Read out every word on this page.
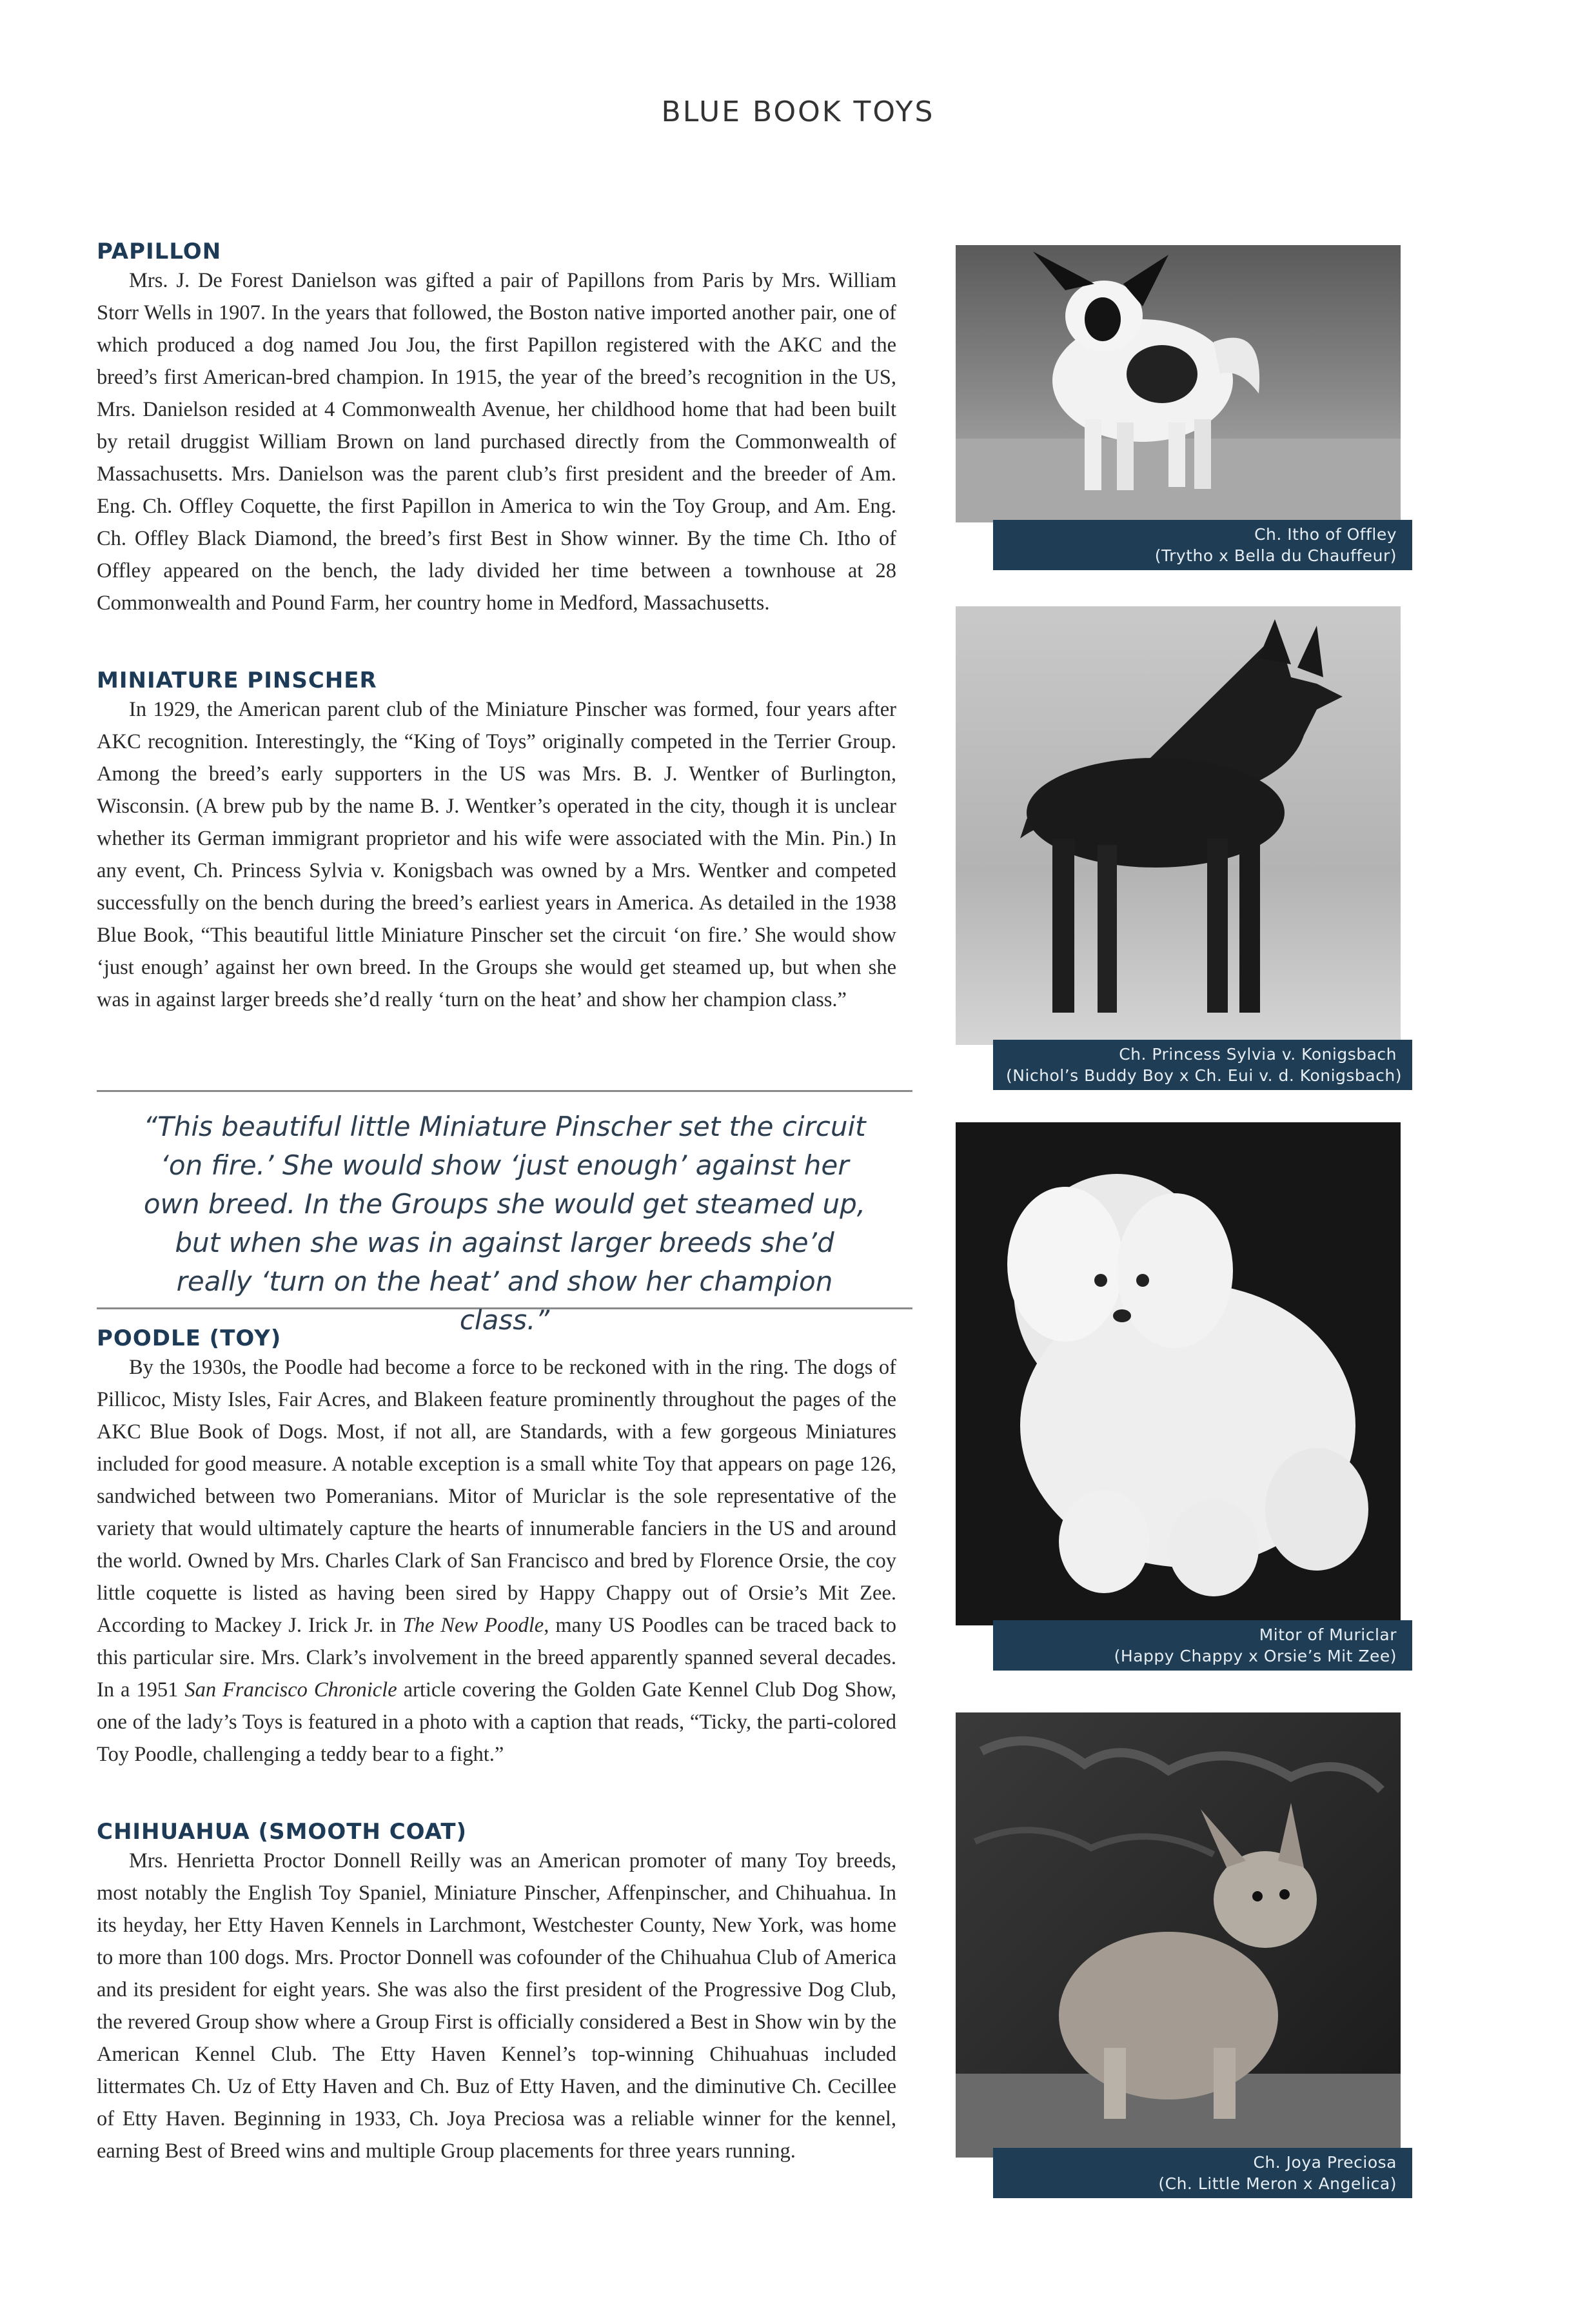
BLUE BOOK TOYS
PAPILLON

Mrs. J. De Forest Danielson was gifted a pair of Papillons from Paris by Mrs. William Storr Wells in 1907. In the years that followed, the Boston native imported another pair, one of which produced a dog named Jou Jou, the first Papillon registered with the AKC and the breed’s first American-bred champion. In 1915, the year of the breed’s recognition in the US, Mrs. Danielson resided at 4 Commonwealth Avenue, her childhood home that had been built by retail druggist William Brown on land purchased directly from the Commonwealth of Massachusetts. Mrs. Danielson was the parent club’s first president and the breeder of Am. Eng. Ch. Offley Coquette, the first Papillon in America to win the Toy Group, and Am. Eng. Ch. Offley Black Diamond, the breed’s first Best in Show winner. By the time Ch. Itho of Offley appeared on the bench, the lady divided her time between a townhouse at 28 Commonwealth and Pound Farm, her country home in Medford, Massachusetts.

MINIATURE PINSCHER

In 1929, the American parent club of the Miniature Pinscher was formed, four years after AKC recognition. Interestingly, the “King of Toys” originally competed in the Terrier Group. Among the breed’s early supporters in the US was Mrs. B. J. Wentker of Burlington, Wisconsin. (A brew pub by the name B. J. Wentker’s operated in the city, though it is unclear whether its German immigrant proprietor and his wife were associated with the Min. Pin.) In any event, Ch. Princess Sylvia v. Konigsbach was owned by a Mrs. Wentker and competed successfully on the bench during the breed’s earliest years in America. As detailed in the 1938 Blue Book, “This beautiful little Miniature Pinscher set the circuit ‘on fire.’ She would show ‘just enough’ against her own breed. In the Groups she would get steamed up, but when she was in against larger breeds she’d really ‘turn on the heat’ and show her champion class.”

“This beautiful little Miniature Pinscher set the circuit ‘on fire.’ She would show ‘just enough’ against her own breed. In the Groups she would get steamed up, but when she was in against larger breeds she’d really ‘turn on the heat’ and show her champion class.”

POODLE (TOY)

By the 1930s, the Poodle had become a force to be reckoned with in the ring. The dogs of Pillicoc, Misty Isles, Fair Acres, and Blakeen feature prominently throughout the pages of the AKC Blue Book of Dogs. Most, if not all, are Standards, with a few gorgeous Miniatures included for good measure. A notable exception is a small white Toy that appears on page 126, sandwiched between two Pomeranians. Mitor of Muriclar is the sole representative of the variety that would ultimately capture the hearts of innumerable fanciers in the US and around the world. Owned by Mrs. Charles Clark of San Francisco and bred by Florence Orsie, the coy little coquette is listed as having been sired by Happy Chappy out of Orsie’s Mit Zee. According to Mackey J. Irick Jr. in The New Poodle, many US Poodles can be traced back to this particular sire. Mrs. Clark’s involvement in the breed apparently spanned several decades. In a 1951 San Francisco Chronicle article covering the Golden Gate Kennel Club Dog Show, one of the lady’s Toys is featured in a photo with a caption that reads, “Ticky, the parti-colored Toy Poodle, challenging a teddy bear to a fight.”

CHIHUAHUA (SMOOTH COAT)

Mrs. Henrietta Proctor Donnell Reilly was an American promoter of many Toy breeds, most notably the English Toy Spaniel, Miniature Pinscher, Affenpinscher, and Chihuahua. In its heyday, her Etty Haven Kennels in Larchmont, Westchester County, New York, was home to more than 100 dogs. Mrs. Proctor Donnell was cofounder of the Chihuahua Club of America and its president for eight years. She was also the first president of the Progressive Dog Club, the revered Group show where a Group First is officially considered a Best in Show win by the American Kennel Club. The Etty Haven Kennel’s top-winning Chihuahuas included littermates Ch. Uz of Etty Haven and Ch. Buz of Etty Haven, and the diminutive Ch. Cecillee of Etty Haven. Beginning in 1933, Ch. Joya Preciosa was a reliable winner for the kennel, earning Best of Breed wins and multiple Group placements for three years running.

Ch. Itho of Offley
(Trytho x Bella du Chauffeur)
Ch. Princess Sylvia v. Konigsbach
(Nichol’s Buddy Boy x Ch. Eui v. d. Konigsbach)
Mitor of Muriclar
(Happy Chappy x Orsie’s Mit Zee)
Ch. Joya Preciosa
(Ch. Little Meron x Angelica)
